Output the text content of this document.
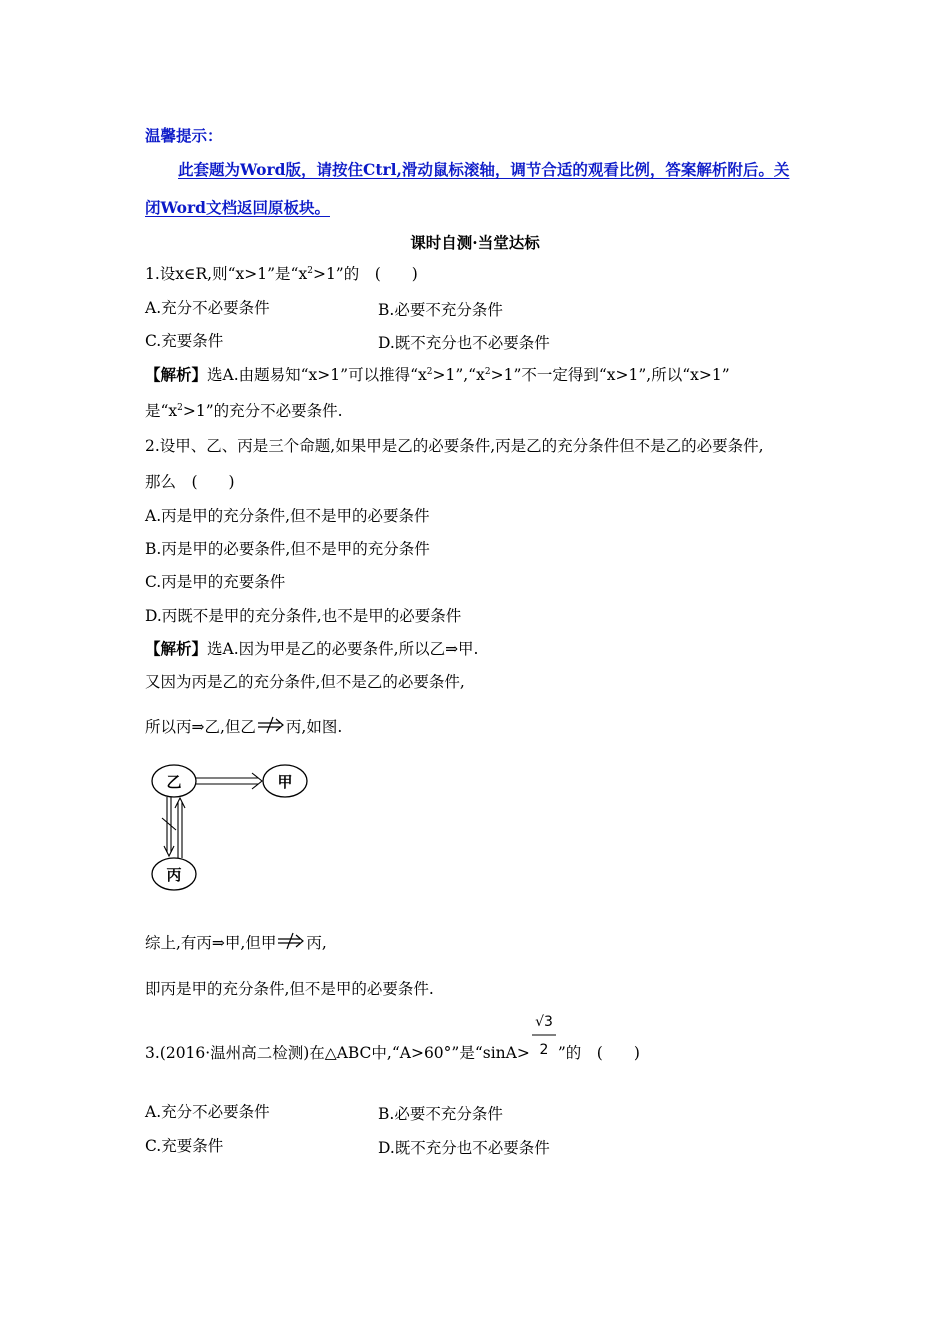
温馨提示：
此套题为Word版，请按住Ctrl,滑动鼠标滚轴，调节合适的观看比例，答案解析附后。关
闭Word文档返回原板块。
课时自测·当堂达标
1.设x∈R,则“x>1”是“$x^2>1$”的　(　　)
A.充分不必要条件	B.必要不充分条件
C.充要条件	D.既不充分也不必要条件
【解析】选A.由题易知“x>1”可以推得“$x^2>1”,“x^2>1$”不一定得到“x>1”,所以“x>1”
是“$x^2>1$”的充分不必要条件.
2.设甲、乙、丙是三个命题,如果甲是乙的必要条件,丙是乙的充分条件但不是乙的必要条件,
那么　(　　)
A.丙是甲的充分条件,但不是甲的必要条件
B.丙是甲的必要条件,但不是甲的充分条件
C.丙是甲的充要条件
D.丙既不是甲的充分条件,也不是甲的必要条件
【解析】选A.因为甲是乙的必要条件,所以乙⇒甲.
又因为丙是乙的充分条件,但不是乙的必要条件,
所以丙⇒乙,但乙 丙,如图.
乙	甲
丙
综上,有丙⇒甲,但甲 丙,
即丙是甲的充分条件,但不是甲的必要条件.
3.(2016·温州高二检测)在△ABC中,“A>60°”是“sinA>
√3
2 ”的　(　　)
A.充分不必要条件	B.必要不充分条件
C.充要条件	D.既不充分也不必要条件
